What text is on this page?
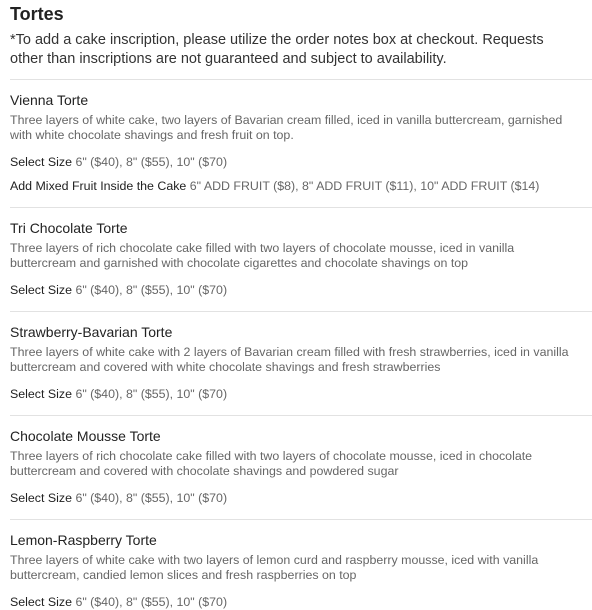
Tortes

*To add a cake inscription, please utilize the order notes box at checkout. Requests other than inscriptions are not guaranteed and subject to availability.

Vienna Torte

Three layers of white cake, two layers of Bavarian cream filled, iced in vanilla buttercream, garnished with white chocolate shavings and fresh fruit on top.

Select Size 6" ($40), 8" ($55), 10" ($70)
Add Mixed Fruit Inside the Cake 6" ADD FRUIT ($8), 8" ADD FRUIT ($11), 10" ADD FRUIT ($14)
Tri Chocolate Torte

Three layers of rich chocolate cake filled with two layers of chocolate mousse, iced in vanilla buttercream and garnished with chocolate cigarettes and chocolate shavings on top

Select Size 6" ($40), 8" ($55), 10" ($70)
Strawberry-Bavarian Torte

Three layers of white cake with 2 layers of Bavarian cream filled with fresh strawberries, iced in vanilla buttercream and covered with white chocolate shavings and fresh strawberries

Select Size 6" ($40), 8" ($55), 10" ($70)
Chocolate Mousse Torte

Three layers of rich chocolate cake filled with two layers of chocolate mousse, iced in chocolate buttercream and covered with chocolate shavings and powdered sugar

Select Size 6" ($40), 8" ($55), 10" ($70)
Lemon-Raspberry Torte

Three layers of white cake with two layers of lemon curd and raspberry mousse, iced with vanilla buttercream, candied lemon slices and fresh raspberries on top

Select Size 6" ($40), 8" ($55), 10" ($70)
